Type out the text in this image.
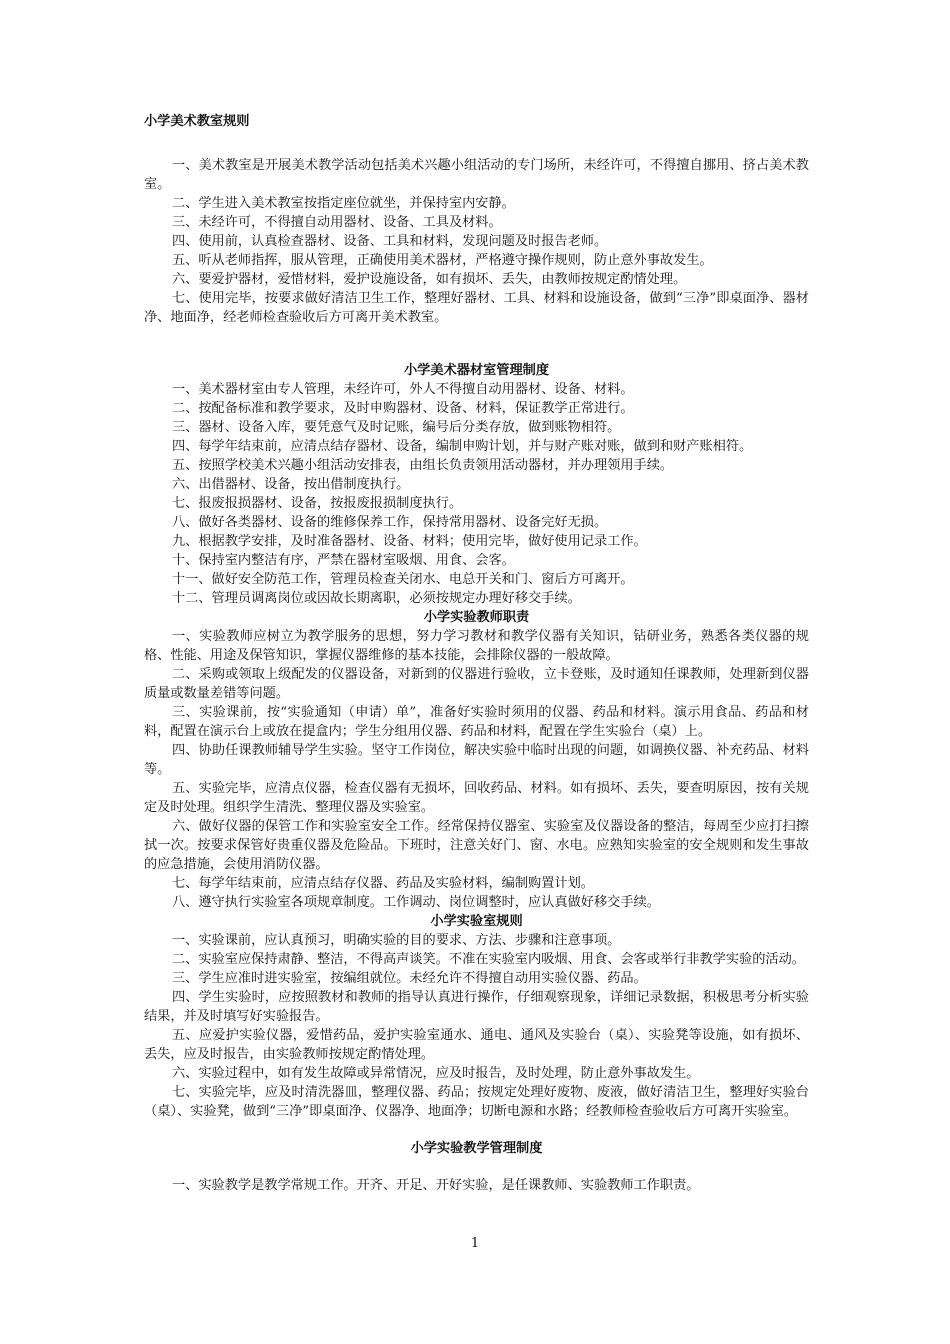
小学美术教室规则

一、美术教室是开展美术教学活动包括美术兴趣小组活动的专门场所，未经许可，不得擅自挪用、挤占美术教室。

二、学生进入美术教室按指定座位就坐，并保持室内安静。

三、未经许可，不得擅自动用器材、设备、工具及材料。

四、使用前，认真检查器材、设备、工具和材料，发现问题及时报告老师。

五、听从老师指挥，服从管理，正确使用美术器材，严格遵守操作规则，防止意外事故发生。

六、要爱护器材，爱惜材料，爱护设施设备，如有损坏、丢失，由教师按规定酌情处理。

七、使用完毕，按要求做好清洁卫生工作，整理好器材、工具、材料和设施设备，做到“三净”即桌面净、器材净、地面净，经老师检查验收后方可离开美术教室。

小学美术器材室管理制度

一、美术器材室由专人管理，未经许可，外人不得擅自动用器材、设备、材料。

二、按配备标准和教学要求，及时申购器材、设备、材料，保证教学正常进行。

三、器材、设备入库，要凭意气及时记账，编号后分类存放，做到账物相符。

四、每学年结束前，应清点结存器材、设备，编制申购计划，并与财产账对账，做到和财产账相符。

五、按照学校美术兴趣小组活动安排表，由组长负责领用活动器材，并办理领用手续。

六、出借器材、设备，按出借制度执行。

七、报废报损器材、设备，按报废报损制度执行。

八、做好各类器材、设备的维修保养工作，保持常用器材、设备完好无损。

九、根据教学安排，及时准备器材、设备、材料；使用完毕，做好使用记录工作。

十、保持室内整洁有序，严禁在器材室吸烟、用食、会客。

十一、做好安全防范工作，管理员检查关闭水、电总开关和门、窗后方可离开。

十二、管理员调离岗位或因故长期离职，必须按规定办理好移交手续。

小学实验教师职责

一、实验教师应树立为教学服务的思想，努力学习教材和教学仪器有关知识，钻研业务，熟悉各类仪器的规格、性能、用途及保管知识，掌握仪器维修的基本技能，会排除仪器的一般故障。

二、采购或领取上级配发的仪器设备，对新到的仪器进行验收，立卡登账，及时通知任课教师，处理新到仪器质量或数量差错等问题。

三、实验课前，按“实验通知（申请）单”，准备好实验时须用的仪器、药品和材料。演示用食品、药品和材料，配置在演示台上或放在提盒内；学生分组用仪器、药品和材料，配置在学生实验台（桌）上。

四、协助任课教师辅导学生实验。坚守工作岗位，解决实验中临时出现的问题，如调换仪器、补充药品、材料等。

五、实验完毕，应清点仪器，检查仪器有无损坏，回收药品、材料。如有损坏、丢失，要查明原因，按有关规定及时处理。组织学生清洗、整理仪器及实验室。

六、做好仪器的保管工作和实验室安全工作。经常保持仪器室、实验室及仪器设备的整洁，每周至少应打扫擦拭一次。按要求保管好贵重仪器及危险品。下班时，注意关好门、窗、水电。应熟知实验室的安全规则和发生事故的应急措施，会使用消防仪器。

七、每学年结束前，应清点结存仪器、药品及实验材料，编制购置计划。

八、遵守执行实验室各项规章制度。工作调动、岗位调整时，应认真做好移交手续。

小学实验室规则

一、实验课前，应认真预习，明确实验的目的要求、方法、步骤和注意事项。

二、实验室应保持肃静、整洁，不得高声谈笑。不准在实验室内吸烟、用食、会客或举行非教学实验的活动。

三、学生应准时进实验室，按编组就位。未经允许不得擅自动用实验仪器、药品。

四、学生实验时，应按照教材和教师的指导认真进行操作，仔细观察现象，详细记录数据，积极思考分析实验结果，并及时填写好实验报告。

五、应爱护实验仪器，爱惜药品，爱护实验室通水、通电、通风及实验台（桌）、实验凳等设施，如有损坏、丢失，应及时报告，由实验教师按规定酌情处理。

六、实验过程中，如有发生故障或异常情况，应及时报告，及时处理，防止意外事故发生。

七、实验完毕，应及时清洗器皿，整理仪器、药品；按规定处理好废物、废液，做好清洁卫生，整理好实验台（桌）、实验凳，做到“三净”即桌面净、仪器净、地面净；切断电源和水路；经教师检查验收后方可离开实验室。

小学实验教学管理制度

一、实验教学是教学常规工作。开齐、开足、开好实验，是任课教师、实验教师工作职责。

1
